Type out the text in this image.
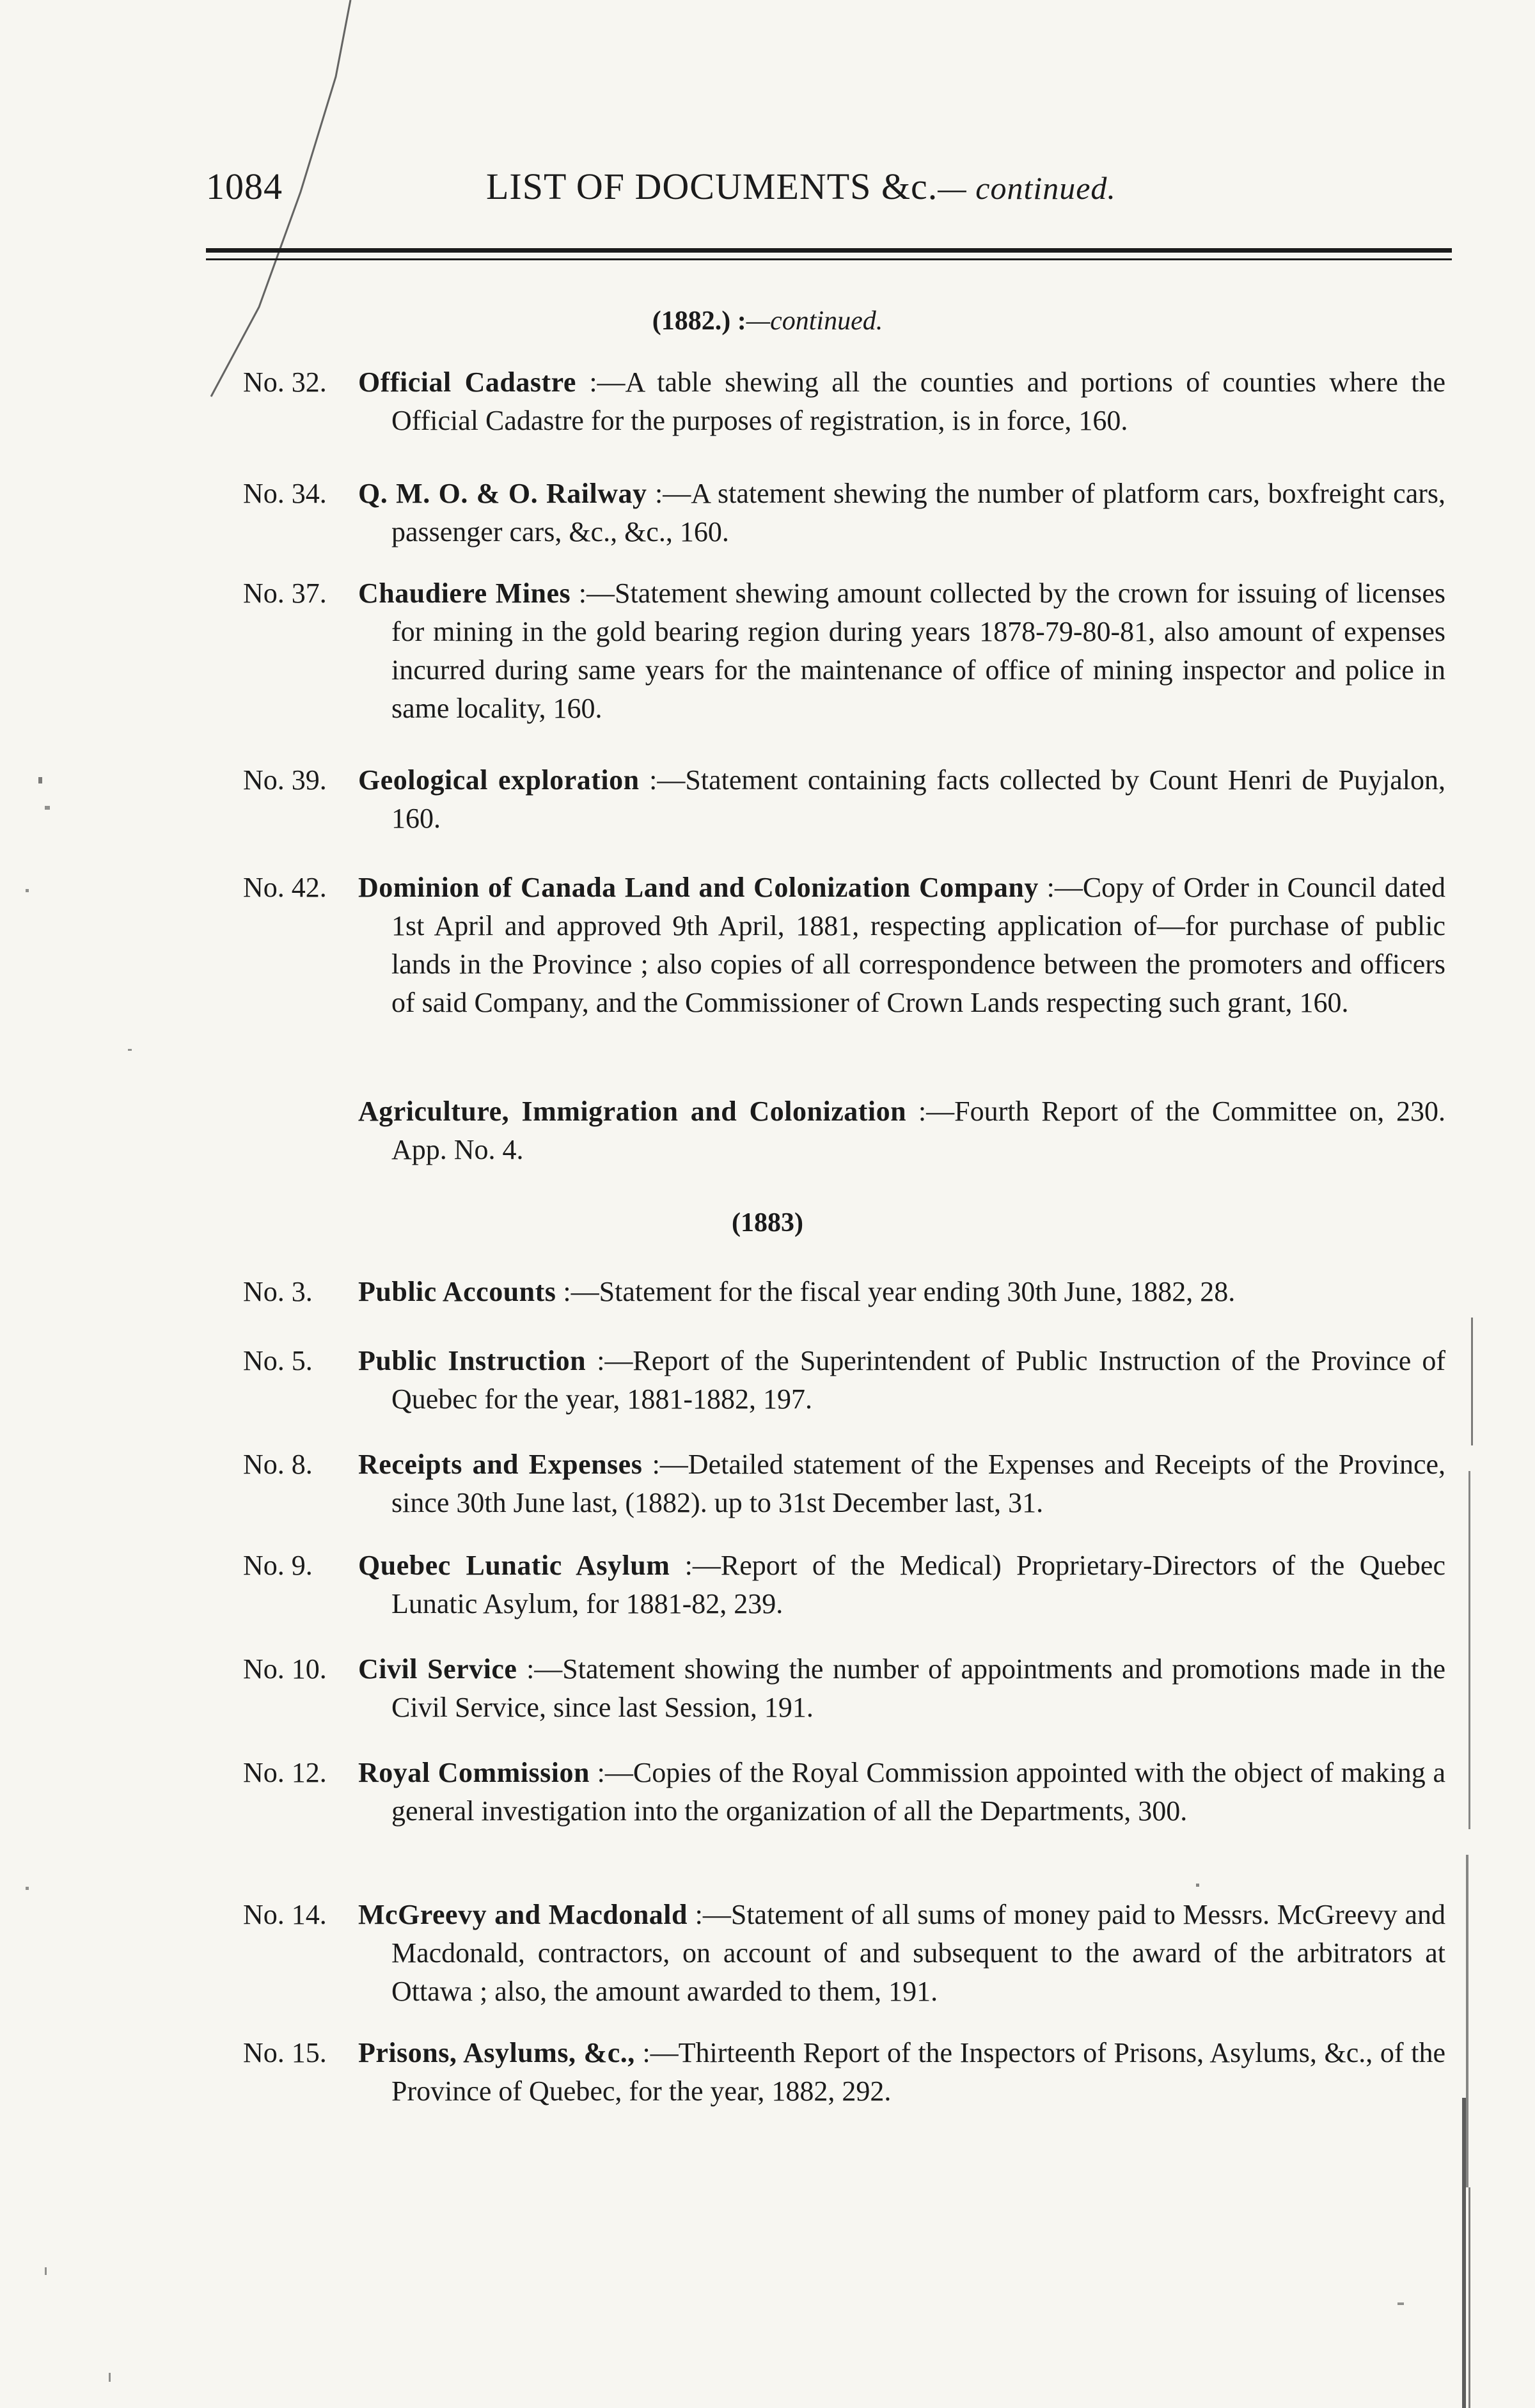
1084	LIST OF DOCUMENTS &c.— continued.
(1882.) :—continued.
No. 32.	Official Cadastre :—A table shewing all the counties and portions of counties where the Official Cadastre for the purposes of registration, is in force, 160.
No. 34.	Q. M. O. & O. Railway :—A statement shewing the number of platform cars, boxfreight cars, passenger cars, &c., &c., 160.
No. 37.	Chaudiere Mines :—Statement shewing amount collected by the crown for issuing of licenses for mining in the gold bearing region during years 1878-79-80-81, also amount of expenses incurred during same years for the maintenance of office of mining inspector and police in same locality, 160.
No. 39.	Geological exploration :—Statement containing facts collected by Count Henri de Puyjalon, 160.
No. 42.	Dominion of Canada Land and Colonization Company :—Copy of Order in Council dated 1st April and approved 9th April, 1881, respecting application of—for purchase of public lands in the Province ; also copies of all correspondence between the promoters and officers of said Company, and the Commissioner of Crown Lands respecting such grant, 160.
Agriculture, Immigration and Colonization :—Fourth Report of the Committee on, 230. App. No. 4.
(1883)
No. 3.	Public Accounts :—Statement for the fiscal year ending 30th June, 1882, 28.
No. 5.	Public Instruction :—Report of the Superintendent of Public Instruction of the Province of Quebec for the year, 1881-1882, 197.
No. 8.	Receipts and Expenses :—Detailed statement of the Expenses and Receipts of the Province, since 30th June last, (1882). up to 31st December last, 31.
No. 9.	Quebec Lunatic Asylum :—Report of the Medical) Proprietary-Directors of the Quebec Lunatic Asylum, for 1881-82, 239.
No. 10.	Civil Service :—Statement showing the number of appointments and promotions made in the Civil Service, since last Session, 191.
No. 12.	Royal Commission :—Copies of the Royal Commission appointed with the object of making a general investigation into the organization of all the Departments, 300.
No. 14.	McGreevy and Macdonald :—Statement of all sums of money paid to Messrs. McGreevy and Macdonald, contractors, on account of and subsequent to the award of the arbitrators at Ottawa ; also, the amount awarded to them, 191.
No. 15.	Prisons, Asylums, &c., :—Thirteenth Report of the Inspectors of Prisons, Asylums, &c., of the Province of Quebec, for the year, 1882, 292.
